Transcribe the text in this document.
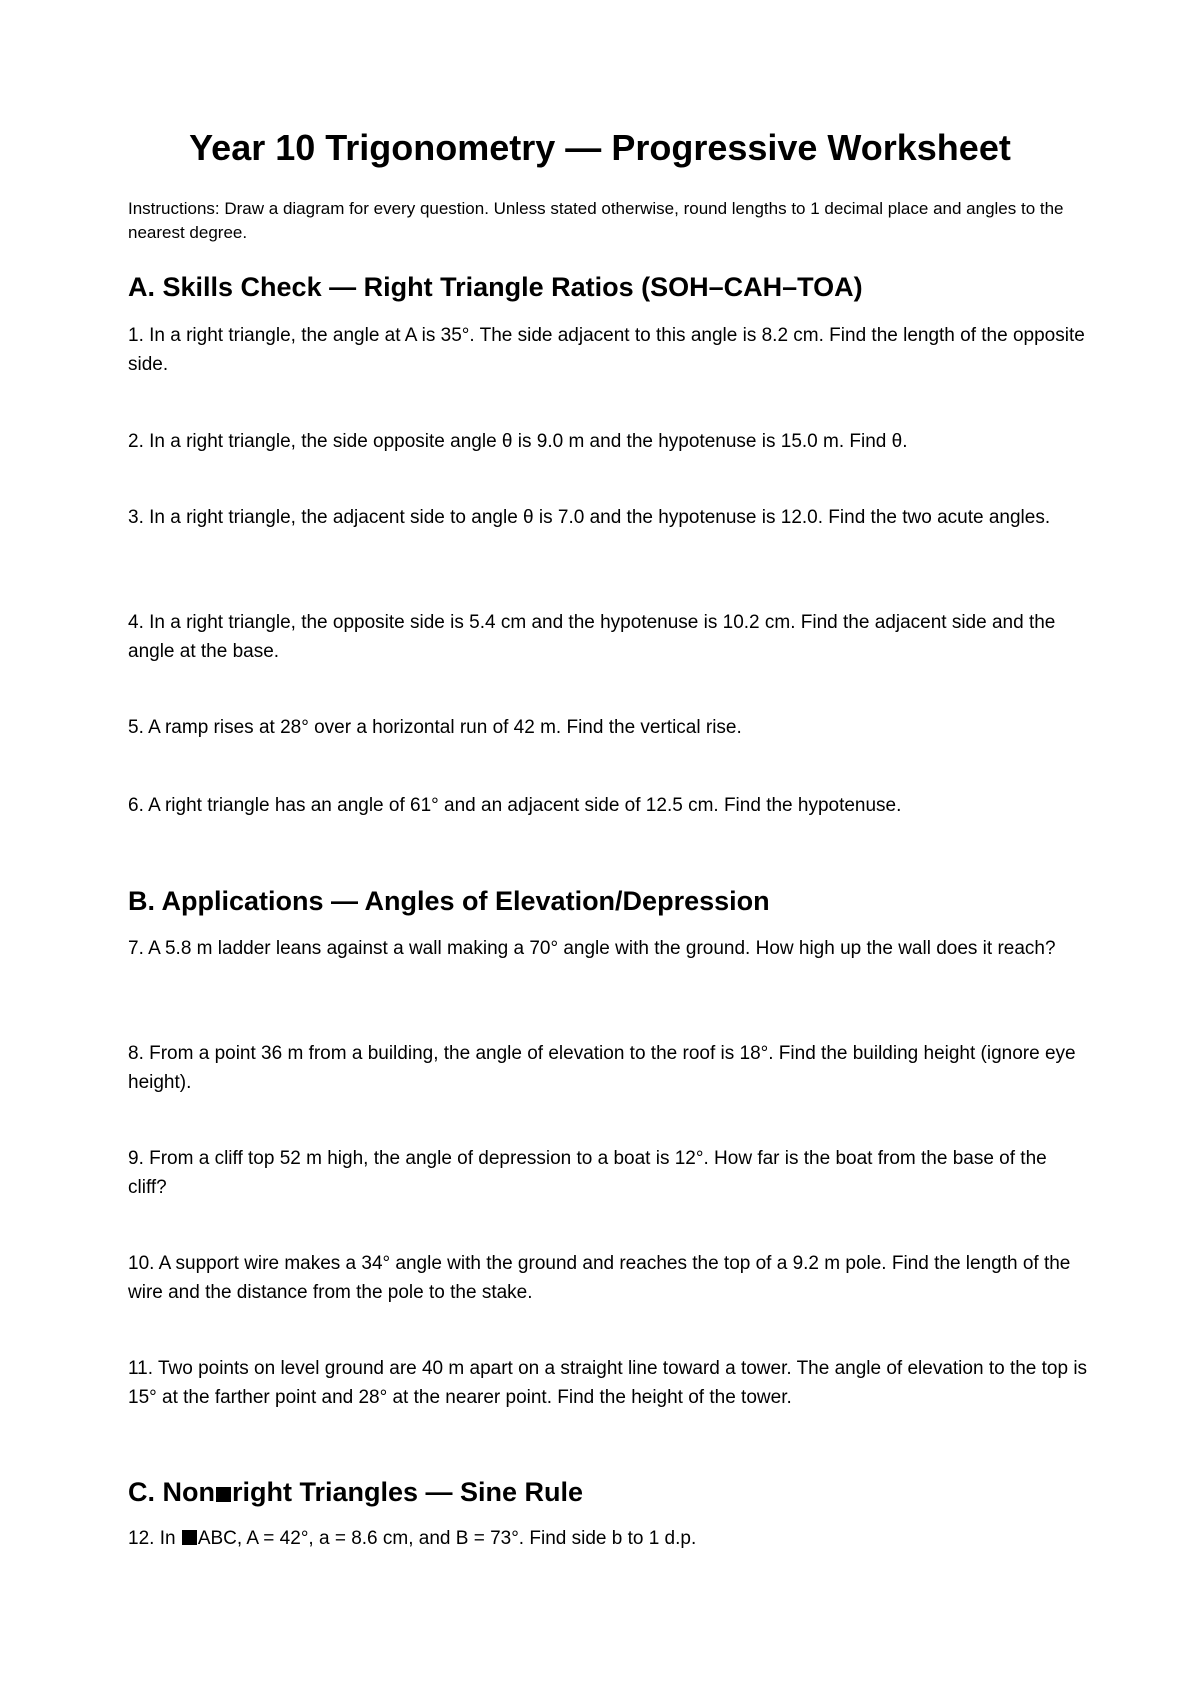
Year 10 Trigonometry — Progressive Worksheet
Instructions: Draw a diagram for every question. Unless stated otherwise, round lengths to 1 decimal place and angles to the nearest degree.
A. Skills Check — Right Triangle Ratios (SOH–CAH–TOA)
1. In a right triangle, the angle at A is 35°. The side adjacent to this angle is 8.2 cm. Find the length of the opposite side.
2. In a right triangle, the side opposite angle θ is 9.0 m and the hypotenuse is 15.0 m. Find θ.
3. In a right triangle, the adjacent side to angle θ is 7.0 and the hypotenuse is 12.0. Find the two acute angles.
4. In a right triangle, the opposite side is 5.4 cm and the hypotenuse is 10.2 cm. Find the adjacent side and the angle at the base.
5. A ramp rises at 28° over a horizontal run of 42 m. Find the vertical rise.
6. A right triangle has an angle of 61° and an adjacent side of 12.5 cm. Find the hypotenuse.
B. Applications — Angles of Elevation/Depression
7. A 5.8 m ladder leans against a wall making a 70° angle with the ground. How high up the wall does it reach?
8. From a point 36 m from a building, the angle of elevation to the roof is 18°. Find the building height (ignore eye height).
9. From a cliff top 52 m high, the angle of depression to a boat is 12°. How far is the boat from the base of the cliff?
10. A support wire makes a 34° angle with the ground and reaches the top of a 9.2 m pole. Find the length of the wire and the distance from the pole to the stake.
11. Two points on level ground are 40 m apart on a straight line toward a tower. The angle of elevation to the top is 15° at the farther point and 28° at the nearer point. Find the height of the tower.
C. Non right Triangles — Sine Rule
12. In ABC, A = 42°, a = 8.6 cm, and B = 73°. Find side b to 1 d.p.
